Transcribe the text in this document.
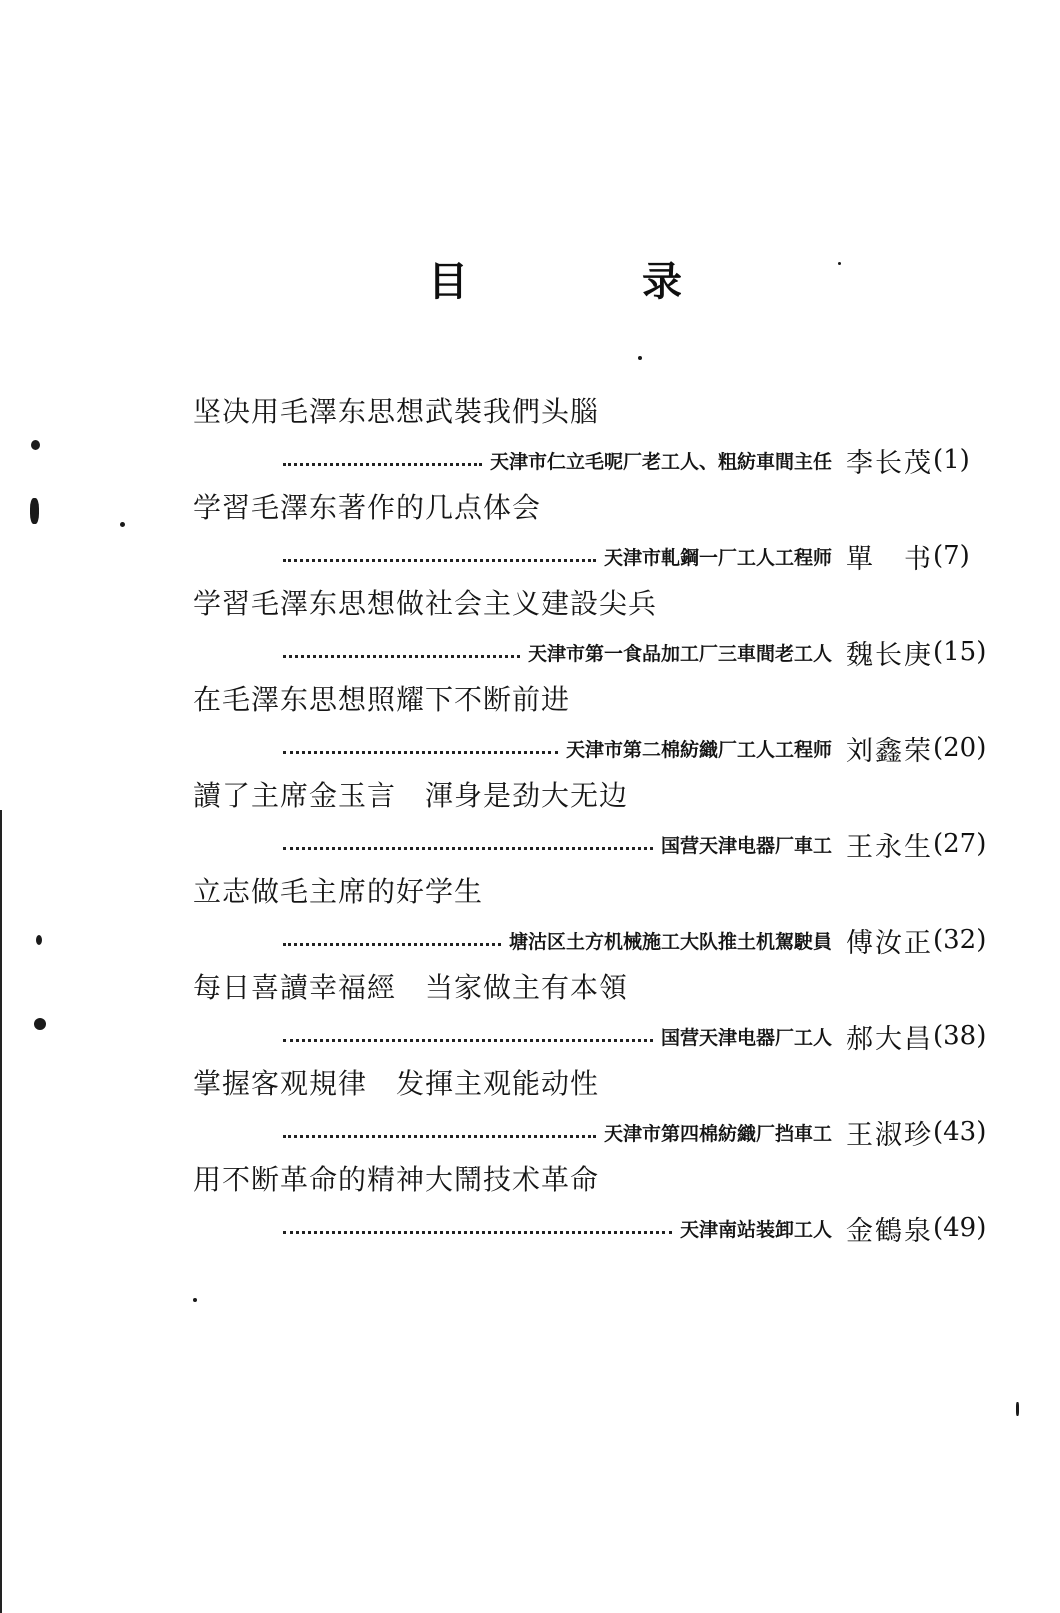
目 录
坚决用毛澤东思想武裝我們头腦
天津市仁立毛呢厂老工人、粗紡車間主任 李长茂 (1)
学習毛澤东著作的几点体会
天津市軋鋼一厂工人工程师 單　书 (7)
学習毛澤东思想做社会主义建設尖兵
天津市第一食品加工厂三車間老工人 魏长庚 (15)
在毛澤东思想照耀下不断前进
天津市第二棉紡織厂工人工程师 刘鑫荣 (20)
讀了主席金玉言　渾身是劲大无边
国营天津电器厂車工 王永生 (27)
立志做毛主席的好学生
塘沽区土方机械施工大队推土机駕駛員 傅汝正 (32)
每日喜讀幸福經　当家做主有本領
国营天津电器厂工人 郝大昌 (38)
掌握客观規律　发揮主观能动性
天津市第四棉紡織厂挡車工 王淑珍 (43)
用不断革命的精神大鬧技术革命
天津南站装卸工人 金鶴泉 (49)
